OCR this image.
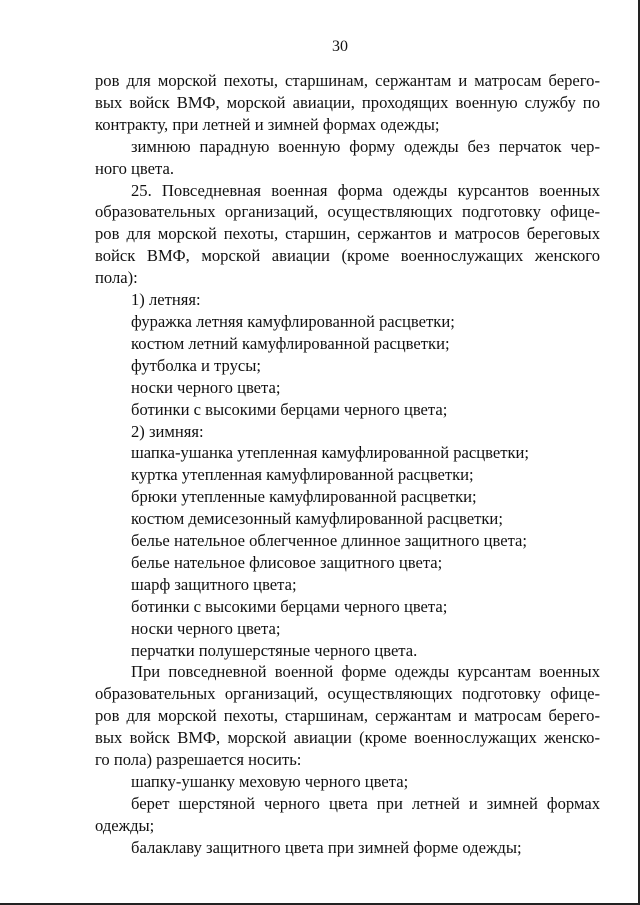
30
ров для морской пехоты, старшинам, сержантам и матросам берего-
вых войск ВМФ, морской авиации, проходящих военную службу по
контракту, при летней и зимней формах одежды;
зимнюю парадную военную форму одежды без перчаток чер-
ного цвета.
25. Повседневная военная форма одежды курсантов военных
образовательных организаций, осуществляющих подготовку офице-
ров для морской пехоты, старшин, сержантов и матросов береговых
войск ВМФ, морской авиации (кроме военнослужащих женского
пола):
1) летняя:
фуражка летняя камуфлированной расцветки;
костюм летний камуфлированной расцветки;
футболка и трусы;
носки черного цвета;
ботинки с высокими берцами черного цвета;
2) зимняя:
шапка-ушанка утепленная камуфлированной расцветки;
куртка утепленная камуфлированной расцветки;
брюки утепленные камуфлированной расцветки;
костюм демисезонный камуфлированной расцветки;
белье нательное облегченное длинное защитного цвета;
белье нательное флисовое защитного цвета;
шарф защитного цвета;
ботинки с высокими берцами черного цвета;
носки черного цвета;
перчатки полушерстяные черного цвета.
При повседневной военной форме одежды курсантам военных
образовательных организаций, осуществляющих подготовку офице-
ров для морской пехоты, старшинам, сержантам и матросам берего-
вых войск ВМФ, морской авиации (кроме военнослужащих женско-
го пола) разрешается носить:
шапку-ушанку меховую черного цвета;
берет шерстяной черного цвета при летней и зимней формах
одежды;
балаклаву защитного цвета при зимней форме одежды;
